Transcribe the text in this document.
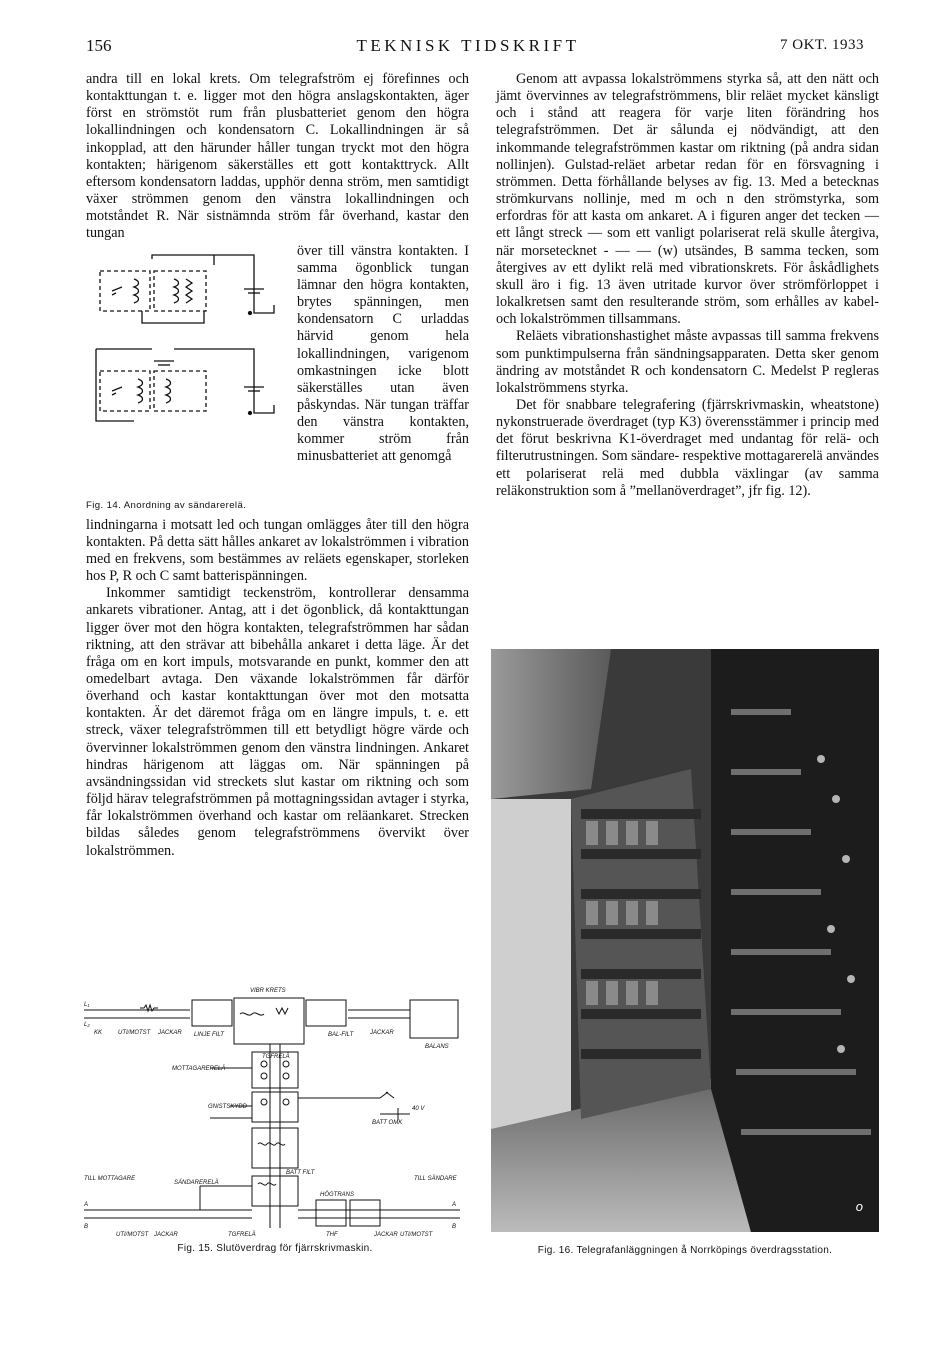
156	TEKNISK TIDSKRIFT	7 OKT. 1933

andra till en lokal krets. Om telegrafström ej förefinnes och kontakttungan t. e. ligger mot den högra anslagskontakten, äger först en strömstöt rum från plusbatteriet genom den högra lokallindningen och kondensatorn C. Lokallindningen är så inkopplad, att den härunder håller tungan tryckt mot den högra kontakten; härigenom säkerställes ett gott kontakttryck. Allt eftersom kondensatorn laddas, upphör denna ström, men samtidigt växer strömmen genom den vänstra lokallindningen och motståndet R. När sistnämnda ström får överhand, kastar den tungan

Fig. 14. Anordning av sändarerelä.

över till vänstra kontakten. I samma ögonblick tungan lämnar den högra kontakten, brytes spänningen, men kondensatorn C urladdas härvid genom hela lokallindningen, varigenom omkastningen icke blott säkerställes utan även påskyndas. När tungan träffar den vänstra kontakten, kommer ström från minusbatteriet att genomgå

lindningarna i motsatt led och tungan omlägges åter till den högra kontakten. På detta sätt hålles ankaret av lokalströmmen i vibration med en frekvens, som bestämmes av reläets egenskaper, storleken hos P, R och C samt batterispänningen.

Inkommer samtidigt teckenström, kontrollerar densamma ankarets vibrationer. Antag, att i det ögonblick, då kontakttungan ligger över mot den högra kontakten, telegrafströmmen har sådan riktning, att den strävar att bibehålla ankaret i detta läge. Är det fråga om en kort impuls, motsvarande en punkt, kommer den att omedelbart avtaga. Den växande lokalströmmen får därför överhand och kastar kontakttungan över mot den motsatta kontakten. Är det däremot fråga om en längre impuls, t. e. ett streck, växer telegrafströmmen till ett betydligt högre värde och övervinner lokalströmmen genom den vänstra lindningen. Ankaret hindras härigenom att läggas om. När spänningen på avsändningssidan vid streckets slut kastar om riktning och som följd härav telegrafströmmen på mottagningssidan avtager i styrka, får lokalströmmen överhand och kastar om reläankaret. Strecken bildas således genom telegrafströmmens övervikt över lokalströmmen.

Genom att avpassa lokalströmmens styrka så, att den nätt och jämt övervinnes av telegrafströmmens, blir reläet mycket känsligt och i stånd att reagera för varje liten förändring hos telegrafströmmen. Det är sålunda ej nödvändigt, att den inkommande telegrafströmmen kastar om riktning (på andra sidan nollinjen). Gulstad-reläet arbetar redan för en försvagning i strömmen. Detta förhållande belyses av fig. 13. Med a betecknas strömkurvans nollinje, med m och n den strömstyrka, som erfordras för att kasta om ankaret. A i figuren anger det tecken — ett långt streck — som ett vanligt polariserat relä skulle återgiva, när morsetecknet - — — (w) utsändes, B samma tecken, som återgives av ett dylikt relä med vibrationskrets. För åskådlighets skull äro i fig. 13 även utritade kurvor över strömförloppet i lokalkretsen samt den resulterande ström, som erhålles av kabel- och lokalströmmen tillsammans.

Reläets vibrationshastighet måste avpassas till samma frekvens som punktimpulserna från sändningsapparaten. Detta sker genom ändring av motståndet R och kondensatorn C. Medelst P regleras lokalströmmens styrka.

Det för snabbare telegrafering (fjärrskrivmaskin, wheatstone) nykonstruerade överdraget (typ K3) överensstämmer i princip med det förut beskrivna K1-överdraget med undantag för relä- och filterutrustningen. Som sändare- respektive mottagarerelä användes ett polariserat relä med dubbla växlingar (av samma reläkonstruktion som å ”mellanöverdraget”, jfr fig. 12).

VIBR KRETS
L₁
L₂
KK	UTI/MOTST JACKAR LINJE FILT	BAL-FILT	JACKAR
BALANS
MOTTAGARERELÄ
TGFRELÄ
GNISTSKYDD
BATT OMK
40 V
BATT FILT
TILL MOTTAGARE
SÄNDARERELÄ
TILL SÄNDARE
A
B
A
B
HÖGTRANS
THF
UTI/MOTST JACKAR	TGFRELÄ	JACKAR UTI/MOTST
Fig. 15. Slutöverdrag för fjärrskrivmaskin.
o
Fig. 16. Telegrafanläggningen å Norrköpings överdragsstation.
